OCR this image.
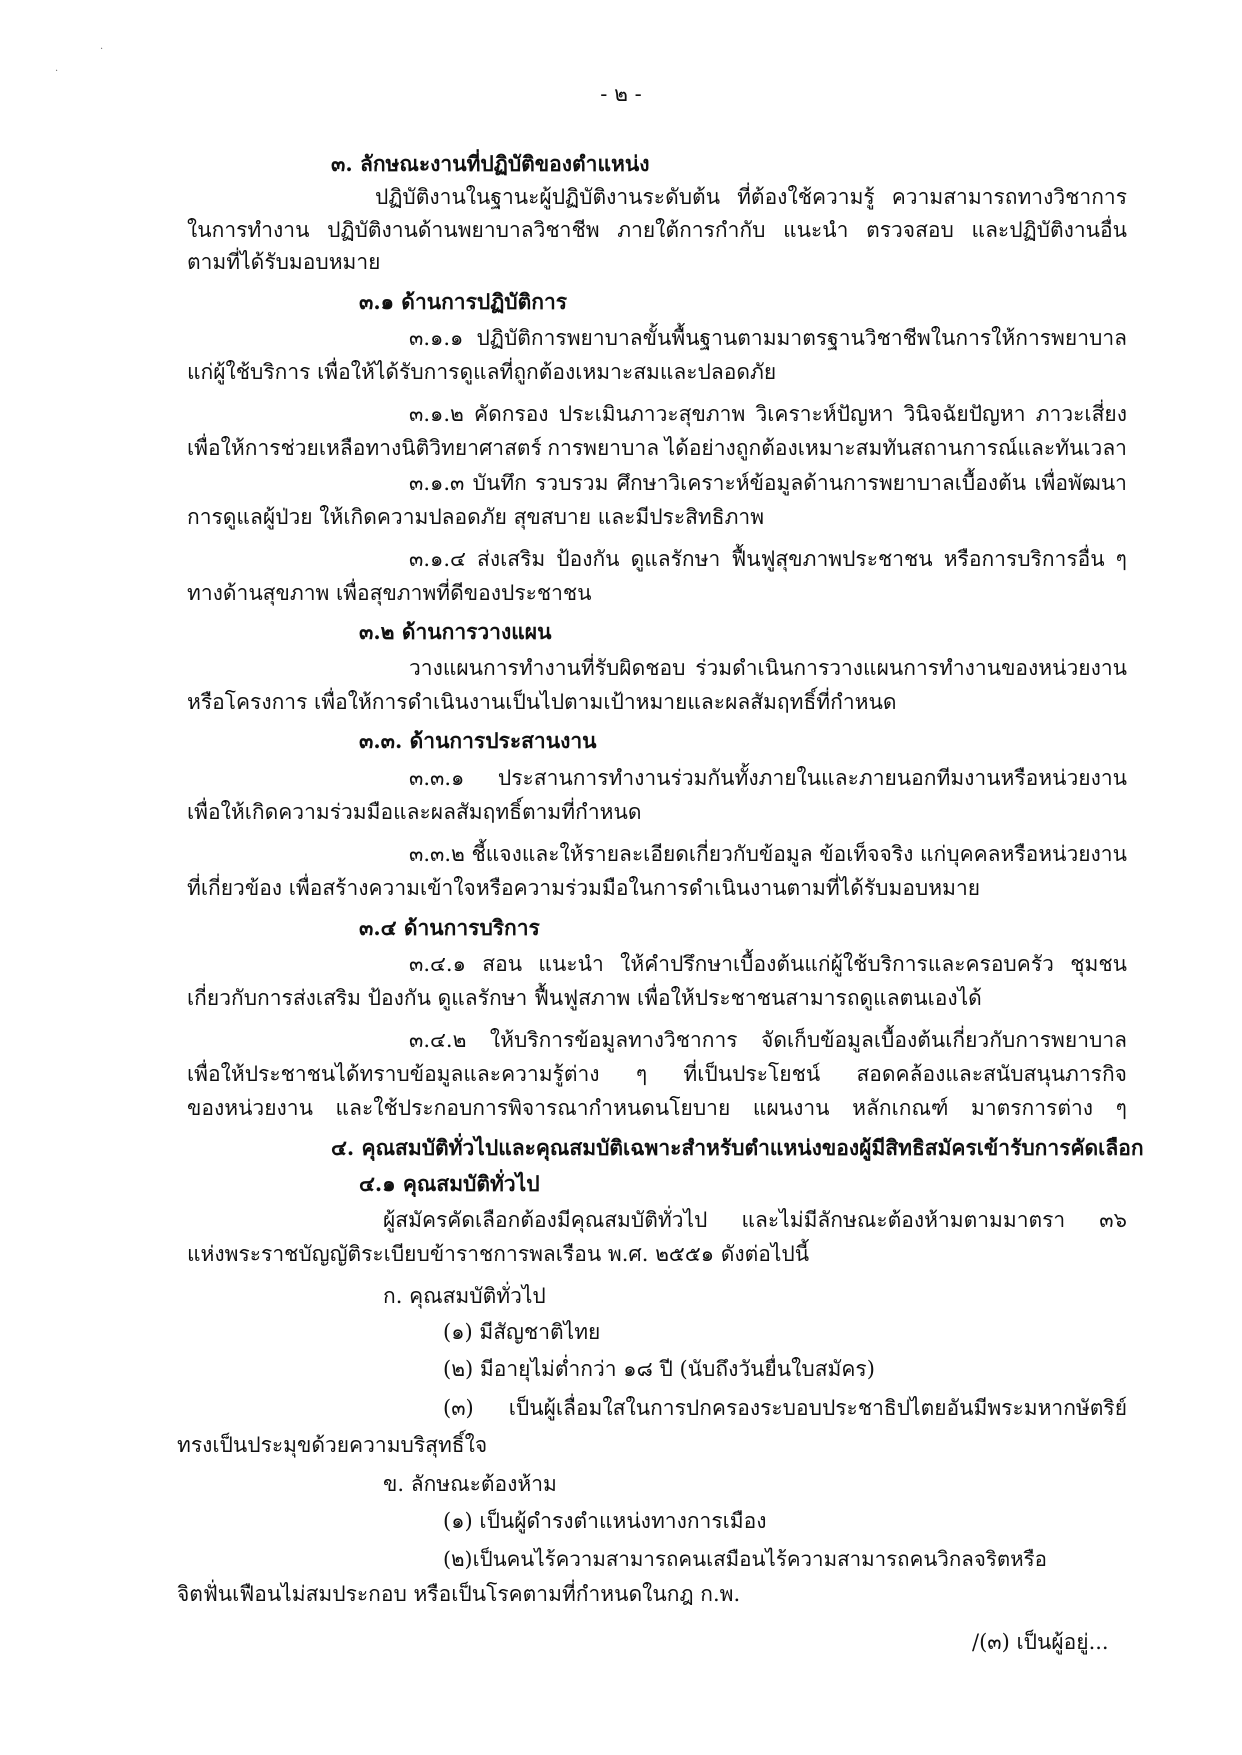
·
·
- ๒ -
๓. ลักษณะงานที่ปฏิบัติของตำแหน่ง
ปฏิบัติงานในฐานะผู้ปฏิบัติงานระดับต้น ที่ต้องใช้ความรู้ ความสามารถทางวิชาการ
ในการทำงาน ปฏิบัติงานด้านพยาบาลวิชาชีพ ภายใต้การกำกับ แนะนำ ตรวจสอบ และปฏิบัติงานอื่น
ตามที่ได้รับมอบหมาย
๓.๑ ด้านการปฏิบัติการ
๓.๑.๑ ปฏิบัติการพยาบาลขั้นพื้นฐานตามมาตรฐานวิชาชีพในการให้การพยาบาล
แก่ผู้ใช้บริการ เพื่อให้ได้รับการดูแลที่ถูกต้องเหมาะสมและปลอดภัย
๓.๑.๒ คัดกรอง ประเมินภาวะสุขภาพ วิเคราะห์ปัญหา วินิจฉัยปัญหา ภาวะเสี่ยง
เพื่อให้การช่วยเหลือทางนิติวิทยาศาสตร์ การพยาบาล ได้อย่างถูกต้องเหมาะสมทันสถานการณ์และทันเวลา
๓.๑.๓ บันทึก รวบรวม ศึกษาวิเคราะห์ข้อมูลด้านการพยาบาลเบื้องต้น เพื่อพัฒนา
การดูแลผู้ป่วย ให้เกิดความปลอดภัย สุขสบาย และมีประสิทธิภาพ
๓.๑.๔ ส่งเสริม ป้องกัน ดูแลรักษา ฟื้นฟูสุขภาพประชาชน หรือการบริการอื่น ๆ
ทางด้านสุขภาพ เพื่อสุขภาพที่ดีของประชาชน
๓.๒ ด้านการวางแผน
วางแผนการทำงานที่รับผิดชอบ ร่วมดำเนินการวางแผนการทำงานของหน่วยงาน
หรือโครงการ เพื่อให้การดำเนินงานเป็นไปตามเป้าหมายและผลสัมฤทธิ์ที่กำหนด
๓.๓. ด้านการประสานงาน
๓.๓.๑ ประสานการทำงานร่วมกันทั้งภายในและภายนอกทีมงานหรือหน่วยงาน
เพื่อให้เกิดความร่วมมือและผลสัมฤทธิ์ตามที่กำหนด
๓.๓.๒ ชี้แจงและให้รายละเอียดเกี่ยวกับข้อมูล ข้อเท็จจริง แก่บุคคลหรือหน่วยงาน
ที่เกี่ยวข้อง เพื่อสร้างความเข้าใจหรือความร่วมมือในการดำเนินงานตามที่ได้รับมอบหมาย
๓.๔ ด้านการบริการ
๓.๔.๑ สอน แนะนำ ให้คำปรึกษาเบื้องต้นแก่ผู้ใช้บริการและครอบครัว ชุมชน
เกี่ยวกับการส่งเสริม ป้องกัน ดูแลรักษา ฟื้นฟูสภาพ เพื่อให้ประชาชนสามารถดูแลตนเองได้
๓.๔.๒ ให้บริการข้อมูลทางวิชาการ จัดเก็บข้อมูลเบื้องต้นเกี่ยวกับการพยาบาล
เพื่อให้ประชาชนได้ทราบข้อมูลและความรู้ต่าง ๆ ที่เป็นประโยชน์ สอดคล้องและสนับสนุนภารกิจ
ของหน่วยงาน และใช้ประกอบการพิจารณากำหนดนโยบาย แผนงาน หลักเกณฑ์ มาตรการต่าง ๆ
๔. คุณสมบัติทั่วไปและคุณสมบัติเฉพาะสำหรับตำแหน่งของผู้มีสิทธิสมัครเข้ารับการคัดเลือก
๔.๑ คุณสมบัติทั่วไป
ผู้สมัครคัดเลือกต้องมีคุณสมบัติทั่วไป และไม่มีลักษณะต้องห้ามตามมาตรา ๓๖
แห่งพระราชบัญญัติระเบียบข้าราชการพลเรือน พ.ศ. ๒๕๕๑ ดังต่อไปนี้
ก. คุณสมบัติทั่วไป
(๑) มีสัญชาติไทย
(๒) มีอายุไม่ต่ำกว่า ๑๘ ปี (นับถึงวันยื่นใบสมัคร)
(๓) เป็นผู้เลื่อมใสในการปกครองระบอบประชาธิปไตยอันมีพระมหากษัตริย์
ทรงเป็นประมุขด้วยความบริสุทธิ์ใจ
ข. ลักษณะต้องห้าม
(๑) เป็นผู้ดำรงตำแหน่งทางการเมือง
(๒) เป็นคนไร้ความสามารถ คนเสมือนไร้ความสามารถ คนวิกลจริตหรือ
จิตฟั่นเฟือนไม่สมประกอบ หรือเป็นโรคตามที่กำหนดในกฎ ก.พ.
/(๓) เป็นผู้อยู่...
